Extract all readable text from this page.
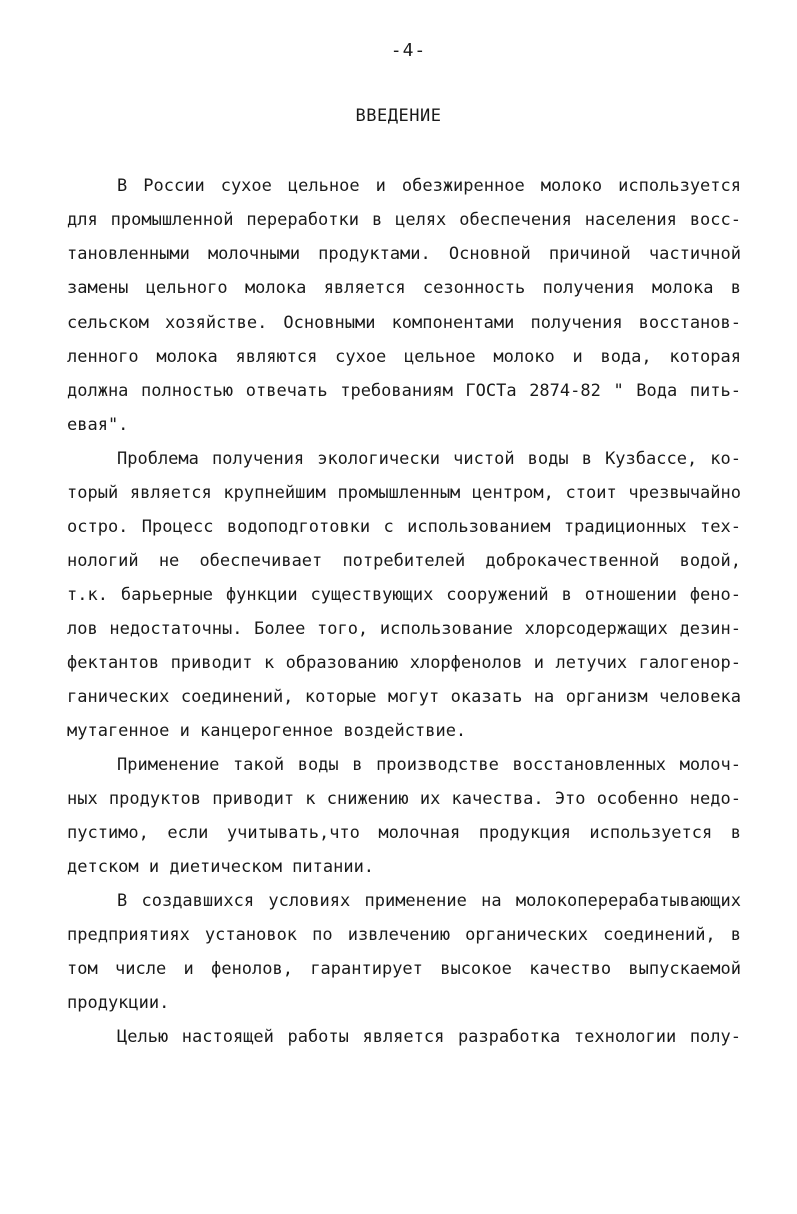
-4-
ВВЕДЕНИЕ
В России сухое цельное и обезжиренное молоко используется
для промышленной переработки в целях обеспечения населения восс-
тановленными молочными продуктами. Основной причиной частичной
замены цельного молока является сезонность получения молока в
сельском хозяйстве. Основными компонентами получения восстанов-
ленного молока являются сухое цельное молоко и вода, которая
должна полностью отвечать требованиям ГОСТа 2874-82 " Вода пить-
евая".
Проблема получения экологически чистой воды в Кузбассе, ко-
торый является крупнейшим промышленным центром, стоит чрезвычайно
остро. Процесс водоподготовки с использованием традиционных тех-
нологий не обеспечивает потребителей доброкачественной водой,
т.к. барьерные функции существующих сооружений в отношении фено-
лов недостаточны. Более того, использование хлорсодержащих дезин-
фектантов приводит к образованию хлорфенолов и летучих галогенор-
ганических соединений, которые могут оказать на организм человека
мутагенное и канцерогенное воздействие.
Применение такой воды в производстве восстановленных молоч-
ных продуктов приводит к снижению их качества. Это особенно недо-
пустимо, если учитывать,что молочная продукция используется в
детском и диетическом питании.
В создавшихся условиях применение на молокоперерабатывающих
предприятиях установок по извлечению органических соединений, в
том числе и фенолов, гарантирует высокое качество выпускаемой
продукции.
Целью настоящей работы является разработка технологии полу-
